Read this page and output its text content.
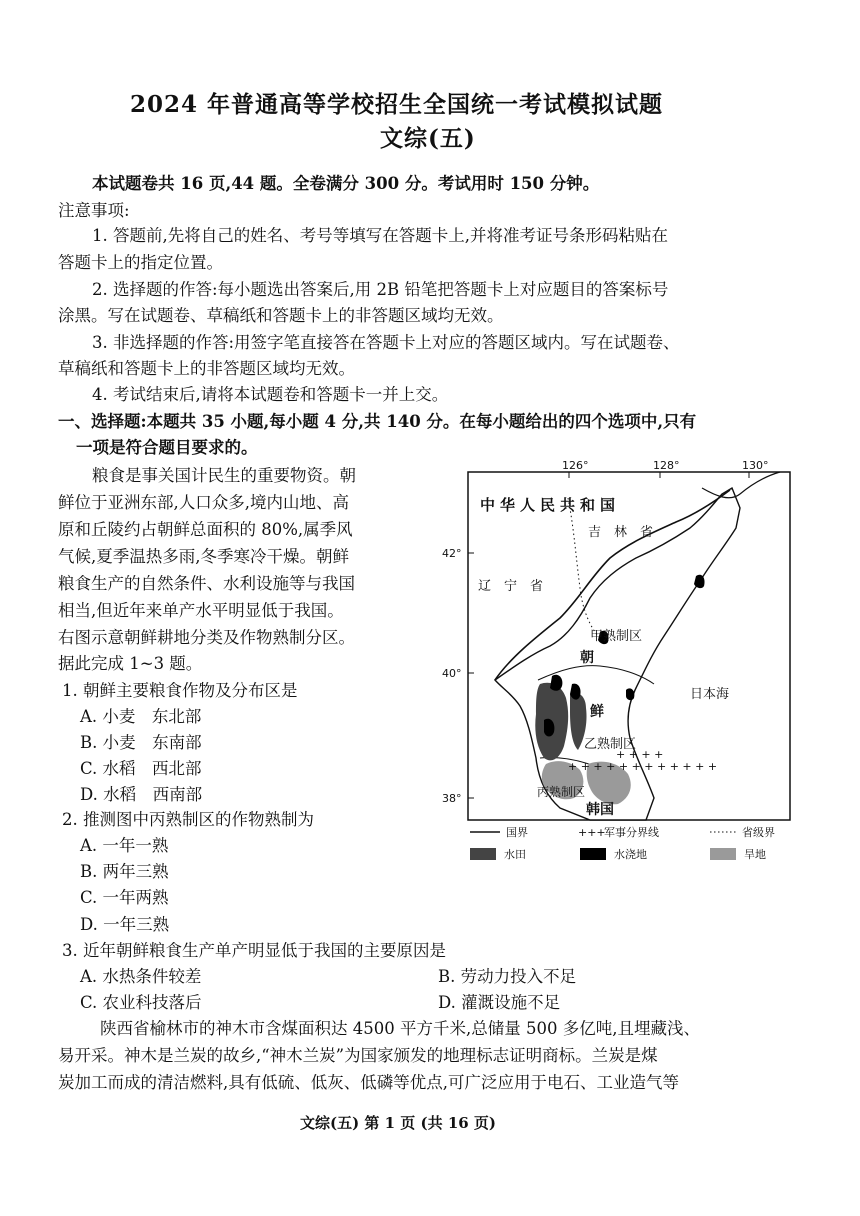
2024 年普通高等学校招生全国统一考试模拟试题
文综(五)
本试题卷共 16 页,44 题。全卷满分 300 分。考试用时 150 分钟。
注意事项:
1. 答题前,先将自己的姓名、考号等填写在答题卡上,并将准考证号条形码粘贴在
答题卡上的指定位置。
2. 选择题的作答:每小题选出答案后,用 2B 铅笔把答题卡上对应题目的答案标号
涂黑。写在试题卷、草稿纸和答题卡上的非答题区域均无效。
3. 非选择题的作答:用签字笔直接答在答题卡上对应的答题区域内。写在试题卷、
草稿纸和答题卡上的非答题区域均无效。
4. 考试结束后,请将本试题卷和答题卡一并上交。
一、选择题:本题共 35 小题,每小题 4 分,共 140 分。在每小题给出的四个选项中,只有
一项是符合题目要求的。
粮食是事关国计民生的重要物资。朝
鲜位于亚洲东部,人口众多,境内山地、高
原和丘陵约占朝鲜总面积的 80%,属季风
气候,夏季温热多雨,冬季寒冷干燥。朝鲜
粮食生产的自然条件、水利设施等与我国
相当,但近年来单产水平明显低于我国。
右图示意朝鲜耕地分类及作物熟制分区。
据此完成 1~3 题。
1. 朝鲜主要粮食作物及分布区是
A. 小麦　东北部
B. 小麦　东南部
C. 水稻　西北部
D. 水稻　西南部
2. 推测图中丙熟制区的作物熟制为
A. 一年一熟
B. 两年三熟
C. 一年两熟
D. 一年三熟
3. 近年朝鲜粮食生产单产明显低于我国的主要原因是
A. 水热条件较差	B. 劳动力投入不足
C. 农业科技落后	D. 灌溉设施不足
陕西省榆林市的神木市含煤面积达 4500 平方千米,总储量 500 多亿吨,且埋藏浅、
易开采。神木是兰炭的故乡,“神木兰炭”为国家颁发的地理标志证明商标。兰炭是煤
炭加工而成的清洁燃料,具有低硫、低灰、低磷等优点,可广泛应用于电石、工业造气等
文综(五) 第 1 页 (共 16 页)
+ + + + + + + + + + + +
+ + + +
126°	128°	130°
42°
40°
38°
中华人民共和国
吉　林　省
辽　宁　省
甲熟制区
朝
鲜
乙熟制区
丙熟制区
日本海
韩国
国界	+++
军事分界线	省级界
水田	水浇地	旱地
